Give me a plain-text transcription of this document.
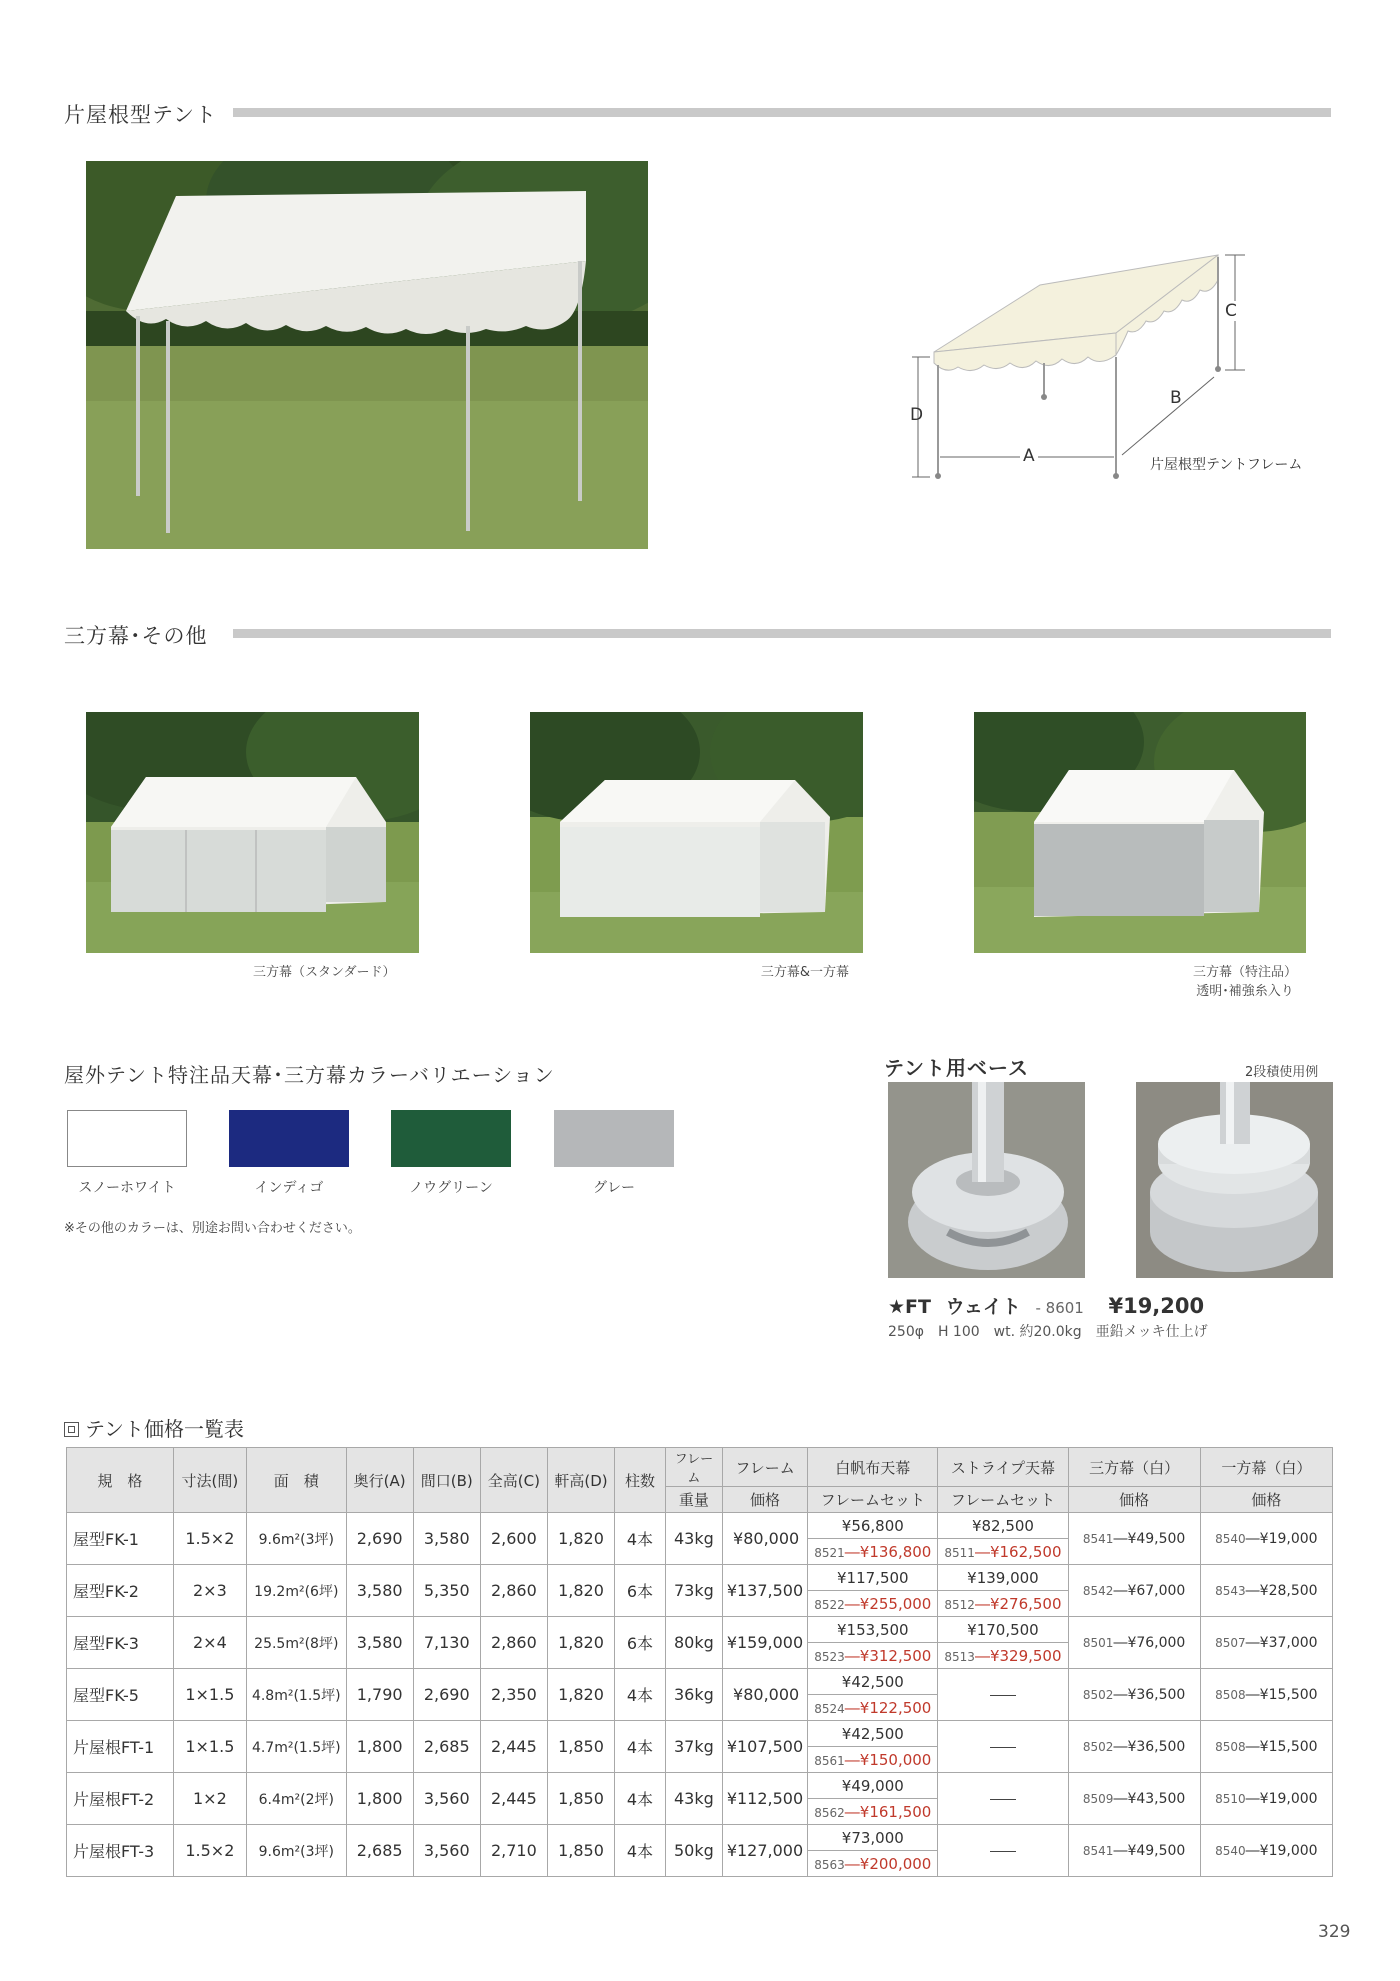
片屋根型テント
D
A
B
C
片屋根型テントフレーム
三方幕･その他
三方幕（スタンダード）	三方幕&一方幕	三方幕（特注品）
透明･補強糸入り
屋外テント特注品天幕･三方幕カラーバリエーション
スノーホワイト	インディゴ	ノウグリーン	グレー
※その他のカラーは、別途お問い合わせください。
テント用ベース	2段積使用例
★FT ウェイト - 8601 ¥19,200
250φ　H 100　wt. 約20.0kg　亜鉛メッキ仕上げ
テント価格一覧表
規　格	寸法(間)	面　積	奥行(A)	間口(B)	全高(C)	軒高(D)	柱数	フレーム	フレーム	白帆布天幕	ストライプ天幕	三方幕（白）	一方幕（白）
								重量	価格	フレームセット	フレームセット	価格	価格
屋型FK-1	1.5×2	9.6m²(3坪)	2,690	3,580	2,600	1,820	4本	43kg	¥80,000	¥56,800	¥82,500	8541―¥49,500	8540―¥19,000
										8521―¥136,800	8511―¥162,500		
屋型FK-2	2×3	19.2m²(6坪)	3,580	5,350	2,860	1,820	6本	73kg	¥137,500	¥117,500	¥139,000	8542―¥67,000	8543―¥28,500
										8522―¥255,000	8512―¥276,500		
屋型FK-3	2×4	25.5m²(8坪)	3,580	7,130	2,860	1,820	6本	80kg	¥159,000	¥153,500	¥170,500	8501―¥76,000	8507―¥37,000
										8523―¥312,500	8513―¥329,500		
屋型FK-5	1×1.5	4.8m²(1.5坪)	1,790	2,690	2,350	1,820	4本	36kg	¥80,000	¥42,500		8502―¥36,500	8508―¥15,500
										8524―¥122,500			
片屋根FT-1	1×1.5	4.7m²(1.5坪)	1,800	2,685	2,445	1,850	4本	37kg	¥107,500	¥42,500		8502―¥36,500	8508―¥15,500
										8561―¥150,000			
片屋根FT-2	1×2	6.4m²(2坪)	1,800	3,560	2,445	1,850	4本	43kg	¥112,500	¥49,000		8509―¥43,500	8510―¥19,000
										8562―¥161,500			
片屋根FT-3	1.5×2	9.6m²(3坪)	2,685	3,560	2,710	1,850	4本	50kg	¥127,000	¥73,000		8541―¥49,500	8540―¥19,000
										8563―¥200,000			
329
